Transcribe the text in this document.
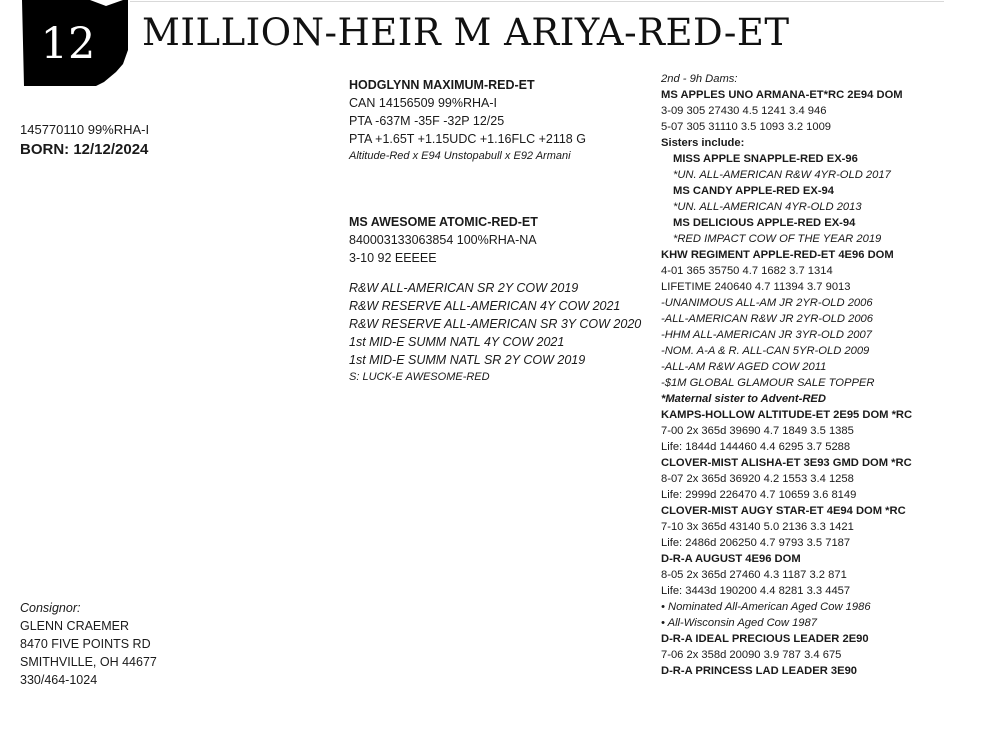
12	MILLION-HEIR M ARIYA-RED-ET
145770110 99%RHA-I
BORN: 12/12/2024
HODGLYNN MAXIMUM-RED-ET
CAN 14156509 99%RHA-I
PTA -637M -35F -32P 12/25
PTA +1.65T +1.15UDC +1.16FLC +2118 G
Altitude-Red x E94 Unstopabull x E92 Armani
MS AWESOME ATOMIC-RED-ET
840003133063854 100%RHA-NA
3-10 92 EEEEE
R&W ALL-AMERICAN SR 2Y COW 2019
R&W RESERVE ALL-AMERICAN 4Y COW 2021
R&W RESERVE ALL-AMERICAN SR 3Y COW 2020
1st MID-E SUMM NATL 4Y COW 2021
1st MID-E SUMM NATL SR 2Y COW 2019
S: LUCK-E AWESOME-RED
2nd - 9h Dams:
MS APPLES UNO ARMANA-ET*RC 2E94 DOM
3-09 305 27430 4.5 1241 3.4 946
5-07 305 31110 3.5 1093 3.2 1009
Sisters include:
MISS APPLE SNAPPLE-RED EX-96
*UN. ALL-AMERICAN R&W 4YR-OLD 2017
MS CANDY APPLE-RED EX-94
*UN. ALL-AMERICAN 4YR-OLD 2013
MS DELICIOUS APPLE-RED EX-94
*RED IMPACT COW OF THE YEAR 2019
KHW REGIMENT APPLE-RED-ET 4E96 DOM
4-01 365 35750 4.7 1682 3.7 1314
LIFETIME 240640 4.7 11394 3.7 9013
-UNANIMOUS ALL-AM JR 2YR-OLD 2006
-ALL-AMERICAN R&W JR 2YR-OLD 2006
-HHM ALL-AMERICAN JR 3YR-OLD 2007
-NOM. A-A & R. ALL-CAN 5YR-OLD 2009
-ALL-AM R&W AGED COW 2011
-$1M GLOBAL GLAMOUR SALE TOPPER
*Maternal sister to Advent-RED
KAMPS-HOLLOW ALTITUDE-ET 2E95 DOM *RC
7-00 2x 365d 39690 4.7 1849 3.5 1385
Life: 1844d 144460 4.4 6295 3.7 5288
CLOVER-MIST ALISHA-ET 3E93 GMD DOM *RC
8-07 2x 365d 36920 4.2 1553 3.4 1258
Life: 2999d 226470 4.7 10659 3.6 8149
CLOVER-MIST AUGY STAR-ET 4E94 DOM *RC
7-10 3x 365d 43140 5.0 2136 3.3 1421
Life: 2486d 206250 4.7 9793 3.5 7187
D-R-A AUGUST 4E96 DOM
8-05 2x 365d 27460 4.3 1187 3.2 871
Life: 3443d 190200 4.4 8281 3.3 4457
• Nominated All-American Aged Cow 1986
• All-Wisconsin Aged Cow 1987
D-R-A IDEAL PRECIOUS LEADER 2E90
7-06 2x 358d 20090 3.9 787 3.4 675
D-R-A PRINCESS LAD LEADER 3E90
Consignor:
GLENN CRAEMER
8470 FIVE POINTS RD
SMITHVILLE, OH 44677
330/464-1024
